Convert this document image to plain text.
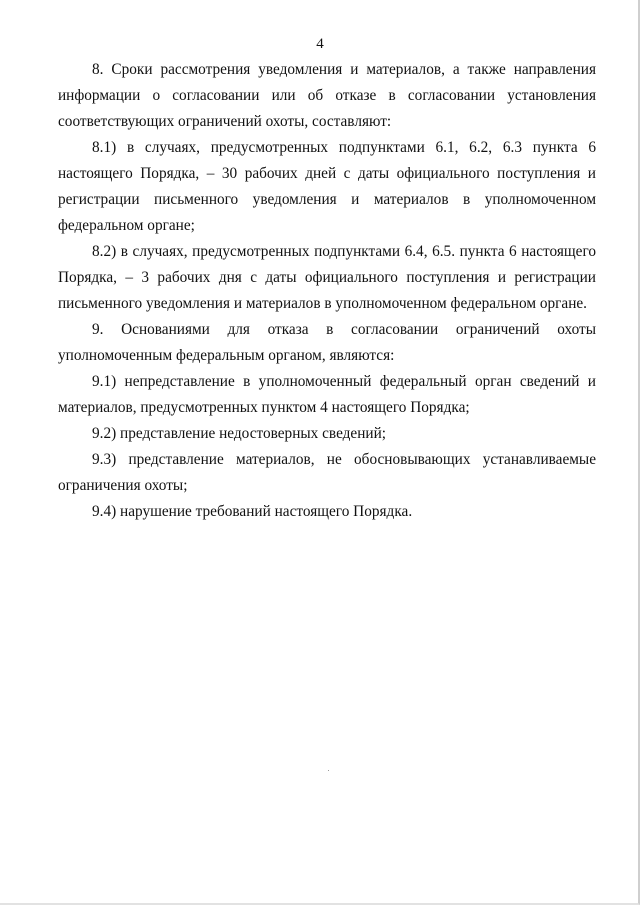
4

8. Сроки рассмотрения уведомления и материалов, а также направления информации о согласовании или об отказе в согласовании установления соответствующих ограничений охоты, составляют:

8.1) в случаях, предусмотренных подпунктами 6.1, 6.2, 6.3 пункта 6 настоящего Порядка, – 30 рабочих дней с даты официального поступления и регистрации письменного уведомления и материалов в уполномоченном федеральном органе;

8.2) в случаях, предусмотренных подпунктами 6.4, 6.5. пункта 6 настоящего Порядка, – 3 рабочих дня с даты официального поступления и регистрации письменного уведомления и материалов в уполномоченном федеральном органе.

9. Основаниями для отказа в согласовании ограничений охоты уполномоченным федеральным органом, являются:

9.1) непредставление в уполномоченный федеральный орган сведений и материалов, предусмотренных пунктом 4 настоящего Порядка;

9.2) представление недостоверных сведений;

9.3) представление материалов, не обосновывающих устанавливаемые ограничения охоты;

9.4) нарушение требований настоящего Порядка.
